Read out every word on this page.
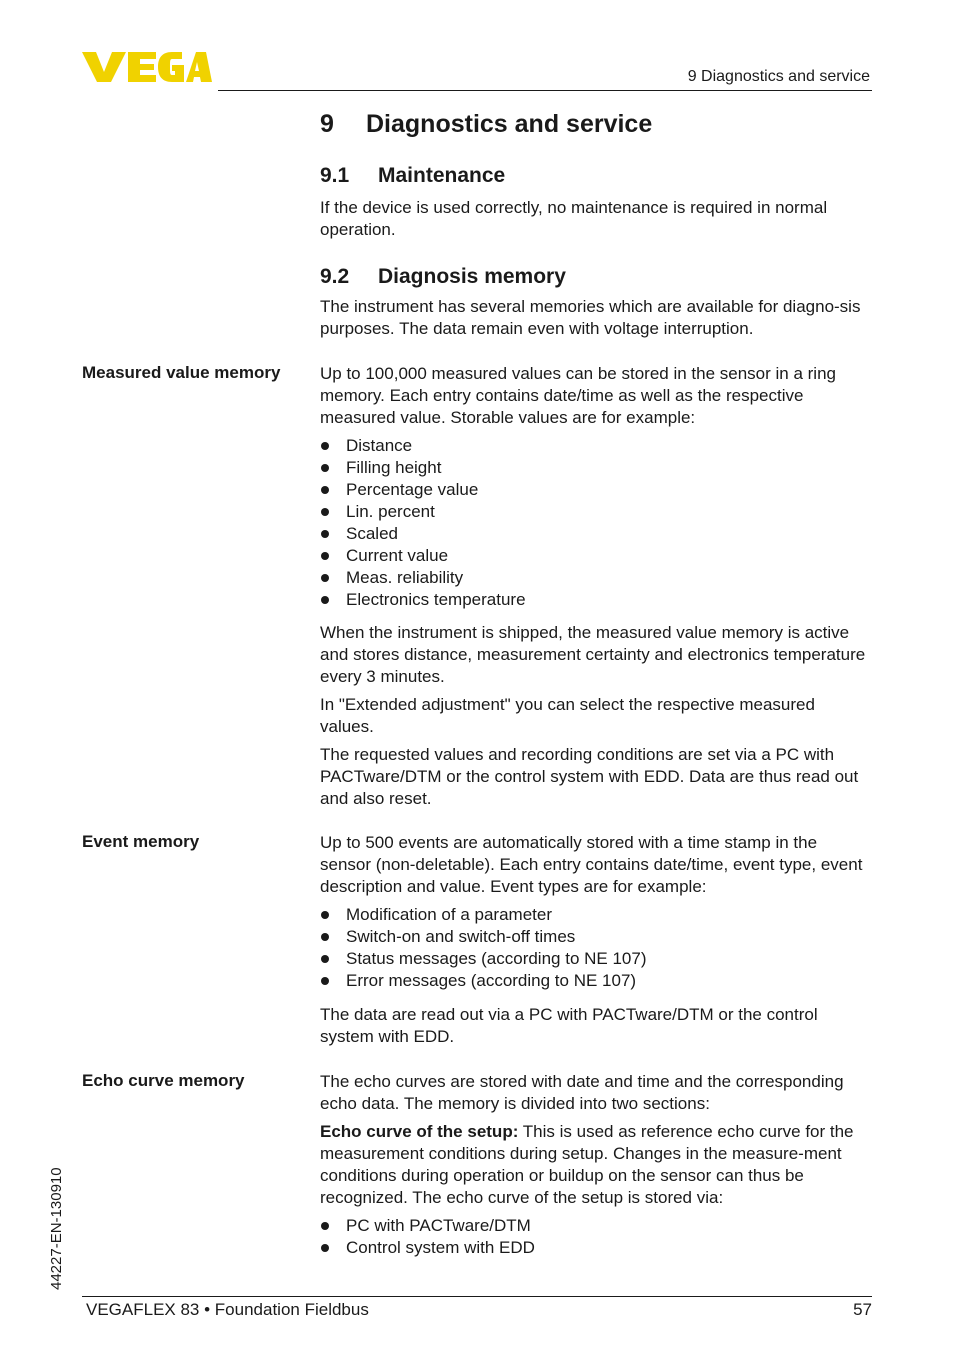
9 Diagnostics and service
9 Diagnostics and service
9.1 Maintenance

If the device is used correctly, no maintenance is required in normal operation.

9.2 Diagnosis memory

The instrument has several memories which are available for diagno-sis purposes. The data remain even with voltage interruption.

Measured value memory Up to 100,000 measured values can be stored in the sensor in a ring memory. Each entry contains date/time as well as the respective measured value. Storable values are for example:

Distance
Filling height
Percentage value
Lin. percent
Scaled
Current value
Meas. reliability
Electronics temperature

When the instrument is shipped, the measured value memory is active and stores distance, measurement certainty and electronics temperature every 3 minutes.

In "Extended adjustment" you can select the respective measured values.

The requested values and recording conditions are set via a PC with PACTware/DTM or the control system with EDD. Data are thus read out and also reset.

Event memory	Up to 500 events are automatically stored with a time stamp in the sensor (non-deletable). Each entry contains date/time, event type, event description and value. Event types are for example:

Modification of a parameter
Switch-on and switch-off times
Status messages (according to NE 107)
Error messages (according to NE 107)

The data are read out via a PC with PACTware/DTM or the control system with EDD.

Echo curve memory	The echo curves are stored with date and time and the corresponding echo data. The memory is divided into two sections:

Echo curve of the setup: This is used as reference echo curve for the measurement conditions during setup. Changes in the measure-ment conditions during operation or buildup on the sensor can thus be recognized. The echo curve of the setup is stored via:

PC with PACTware/DTM
Control system with EDD
44227-EN-130910
VEGAFLEX 83 • Foundation Fieldbus	57
